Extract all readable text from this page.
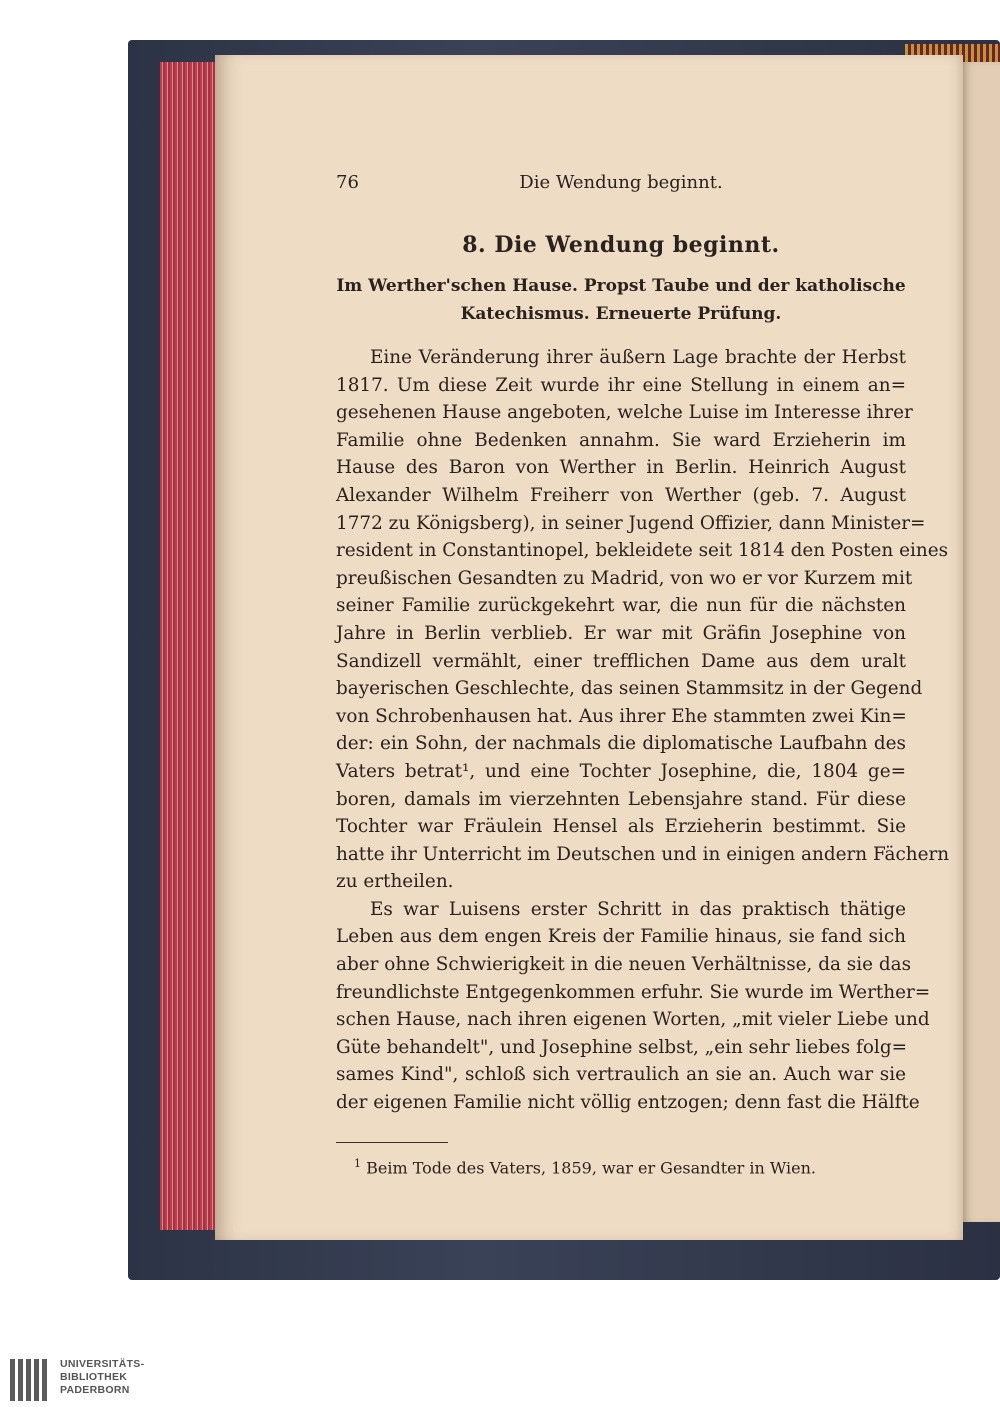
76	Die Wendung beginnt.
8. Die Wendung beginnt.
Im Werther'schen Hause. Propst Taube und der katholische
Katechismus. Erneuerte Prüfung.
Eine Veränderung ihrer äußern Lage brachte der Herbst
1817. Um diese Zeit wurde ihr eine Stellung in einem an=
gesehenen Hause angeboten, welche Luise im Interesse ihrer
Familie ohne Bedenken annahm. Sie ward Erzieherin im
Hause des Baron von Werther in Berlin. Heinrich August
Alexander Wilhelm Freiherr von Werther (geb. 7. August
1772 zu Königsberg), in seiner Jugend Offizier, dann Minister=
resident in Constantinopel, bekleidete seit 1814 den Posten eines
preußischen Gesandten zu Madrid, von wo er vor Kurzem mit
seiner Familie zurückgekehrt war, die nun für die nächsten
Jahre in Berlin verblieb. Er war mit Gräfin Josephine von
Sandizell vermählt, einer trefflichen Dame aus dem uralt
bayerischen Geschlechte, das seinen Stammsitz in der Gegend
von Schrobenhausen hat. Aus ihrer Ehe stammten zwei Kin=
der: ein Sohn, der nachmals die diplomatische Laufbahn des
Vaters betrat¹, und eine Tochter Josephine, die, 1804 ge=
boren, damals im vierzehnten Lebensjahre stand. Für diese
Tochter war Fräulein Hensel als Erzieherin bestimmt. Sie
hatte ihr Unterricht im Deutschen und in einigen andern Fächern
zu ertheilen.
Es war Luisens erster Schritt in das praktisch thätige
Leben aus dem engen Kreis der Familie hinaus, sie fand sich
aber ohne Schwierigkeit in die neuen Verhältnisse, da sie das
freundlichste Entgegenkommen erfuhr. Sie wurde im Werther=
schen Hause, nach ihren eigenen Worten, „mit vieler Liebe und
Güte behandelt", und Josephine selbst, „ein sehr liebes folg=
sames Kind", schloß sich vertraulich an sie an. Auch war sie
der eigenen Familie nicht völlig entzogen; denn fast die Hälfte
$^1$ Beim Tode des Vaters, 1859, war er Gesandter in Wien.
UNIVERSITÄTS-
BIBLIOTHEK
PADERBORN
